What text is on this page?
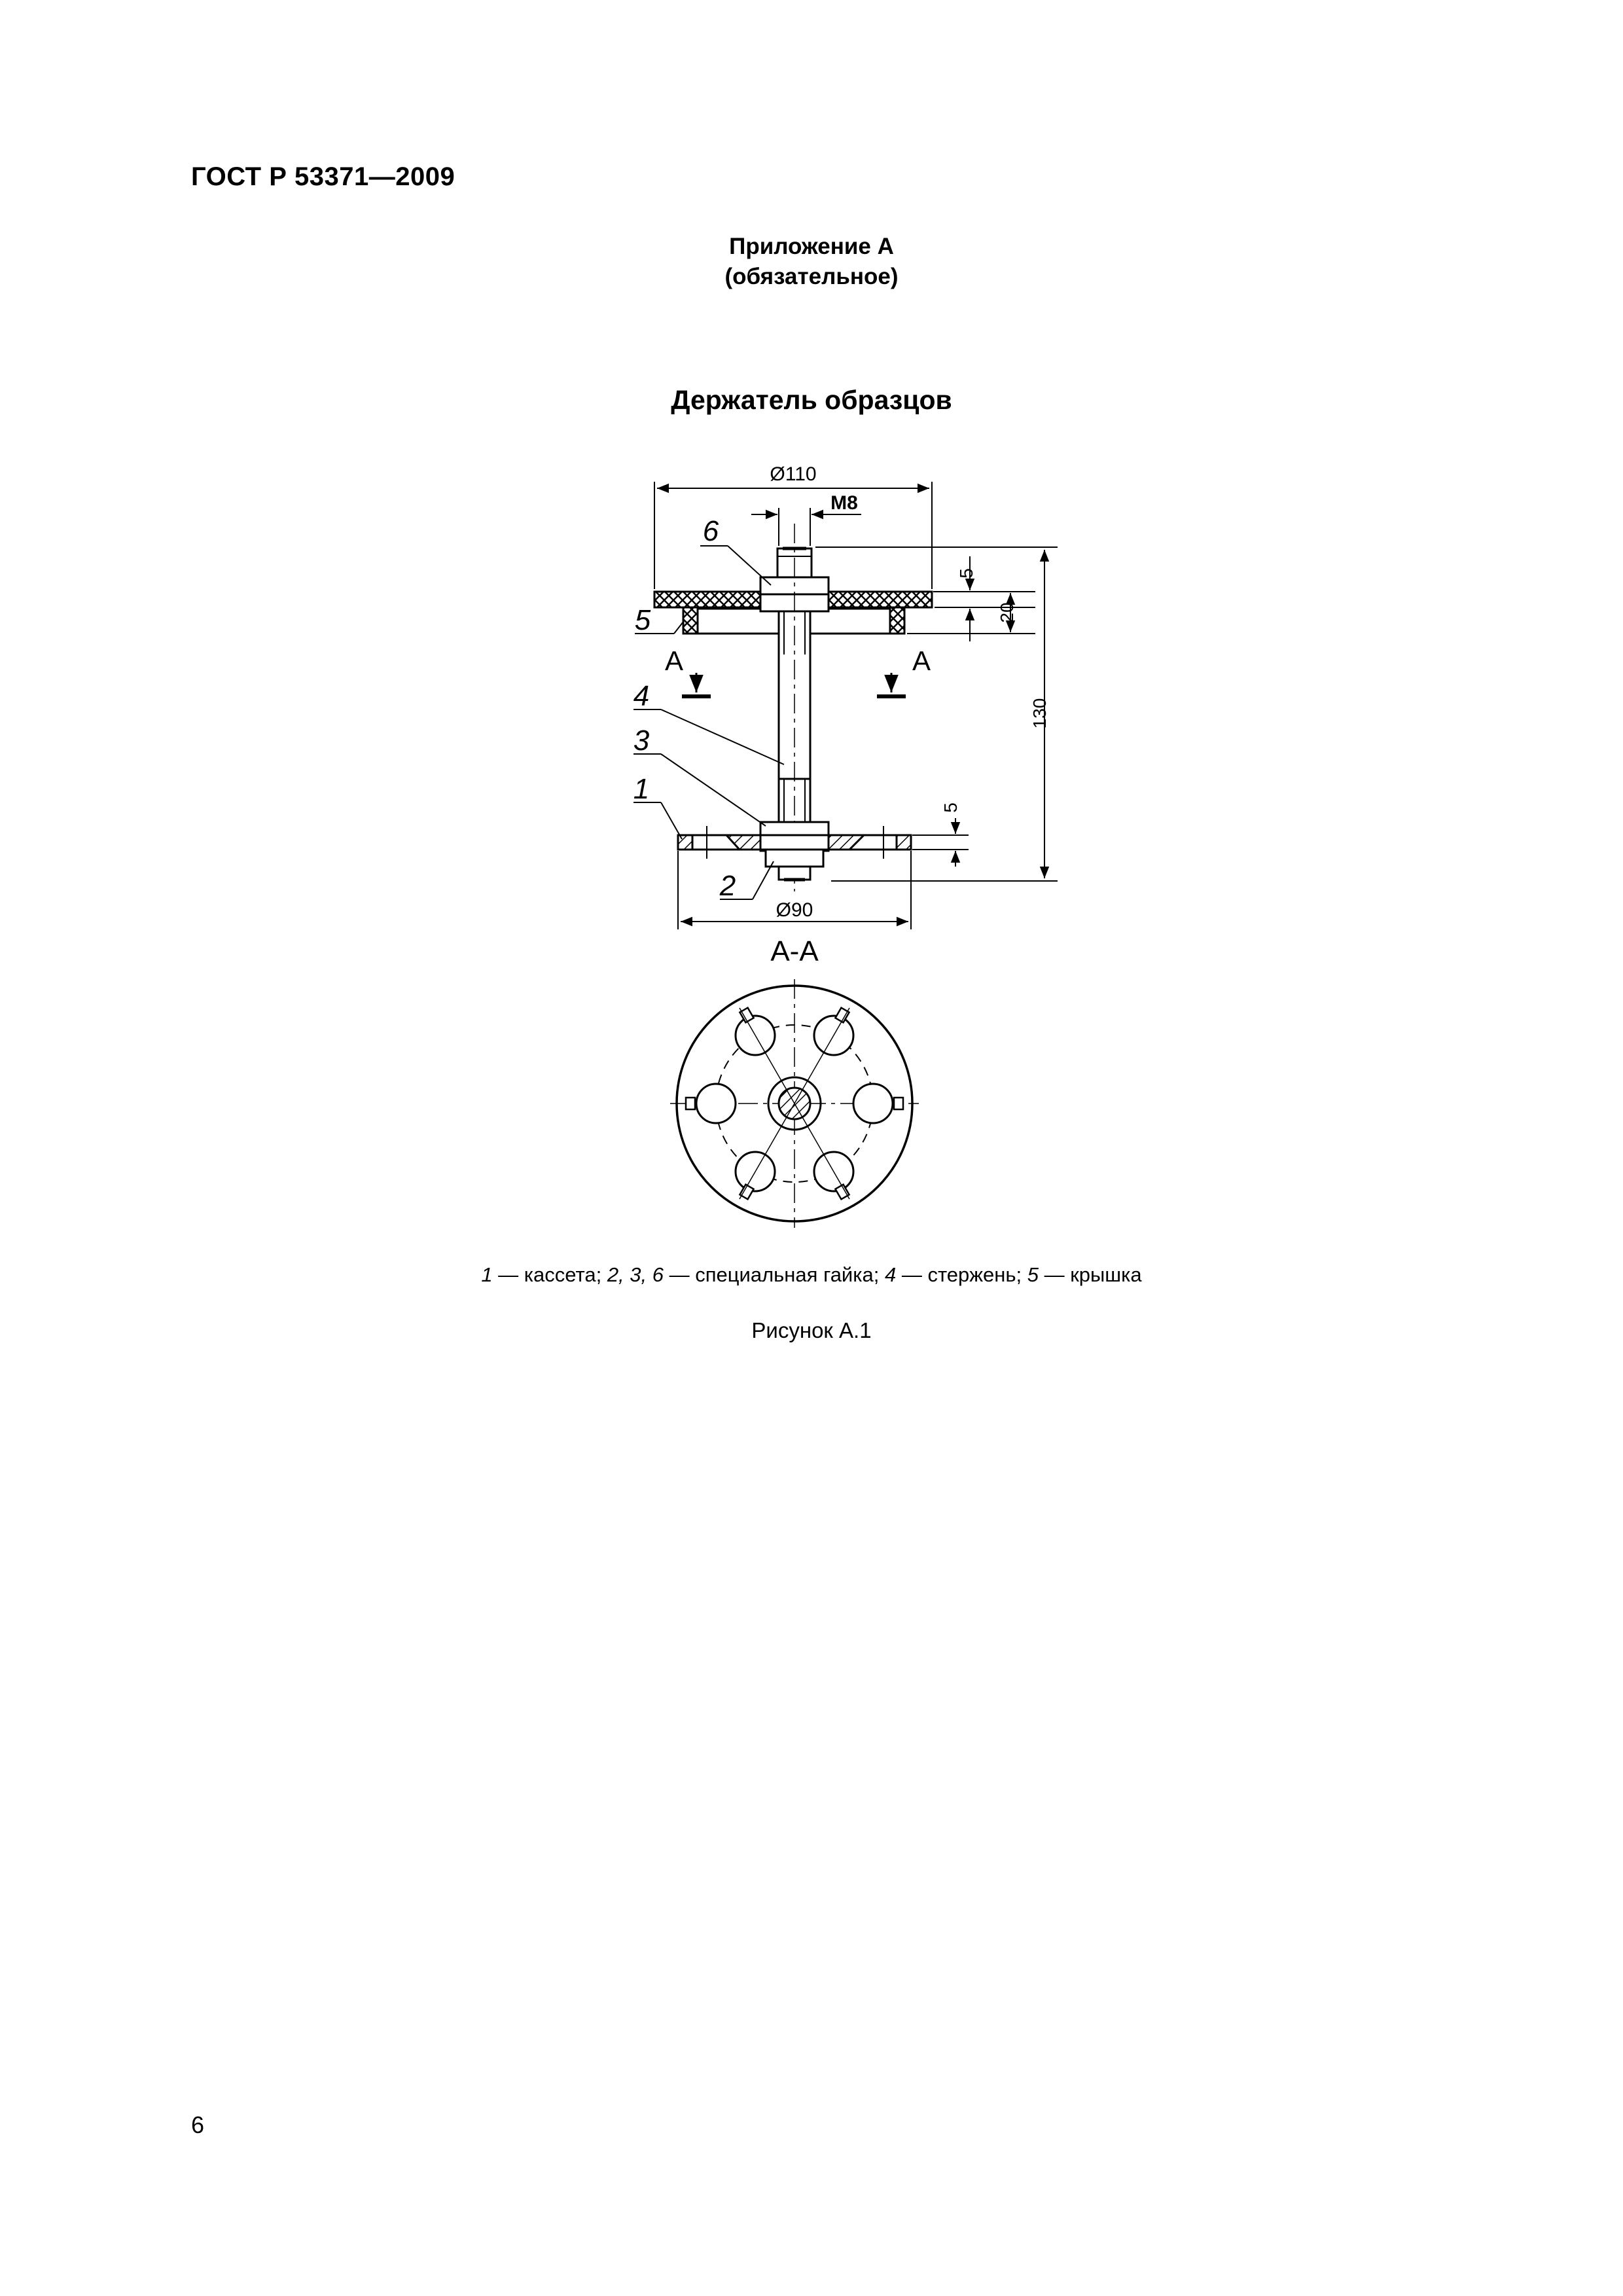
ГОСТ Р 53371—2009
Приложение А
(обязательное)
Держатель образцов
Ø110
М8
5
20
130
5
Ø90
6
5
4
3
1
2
А	А
А-А
1 — кассета; 2, 3, 6 — специальная гайка; 4 — стержень; 5 — крышка
Рисунок А.1
6
